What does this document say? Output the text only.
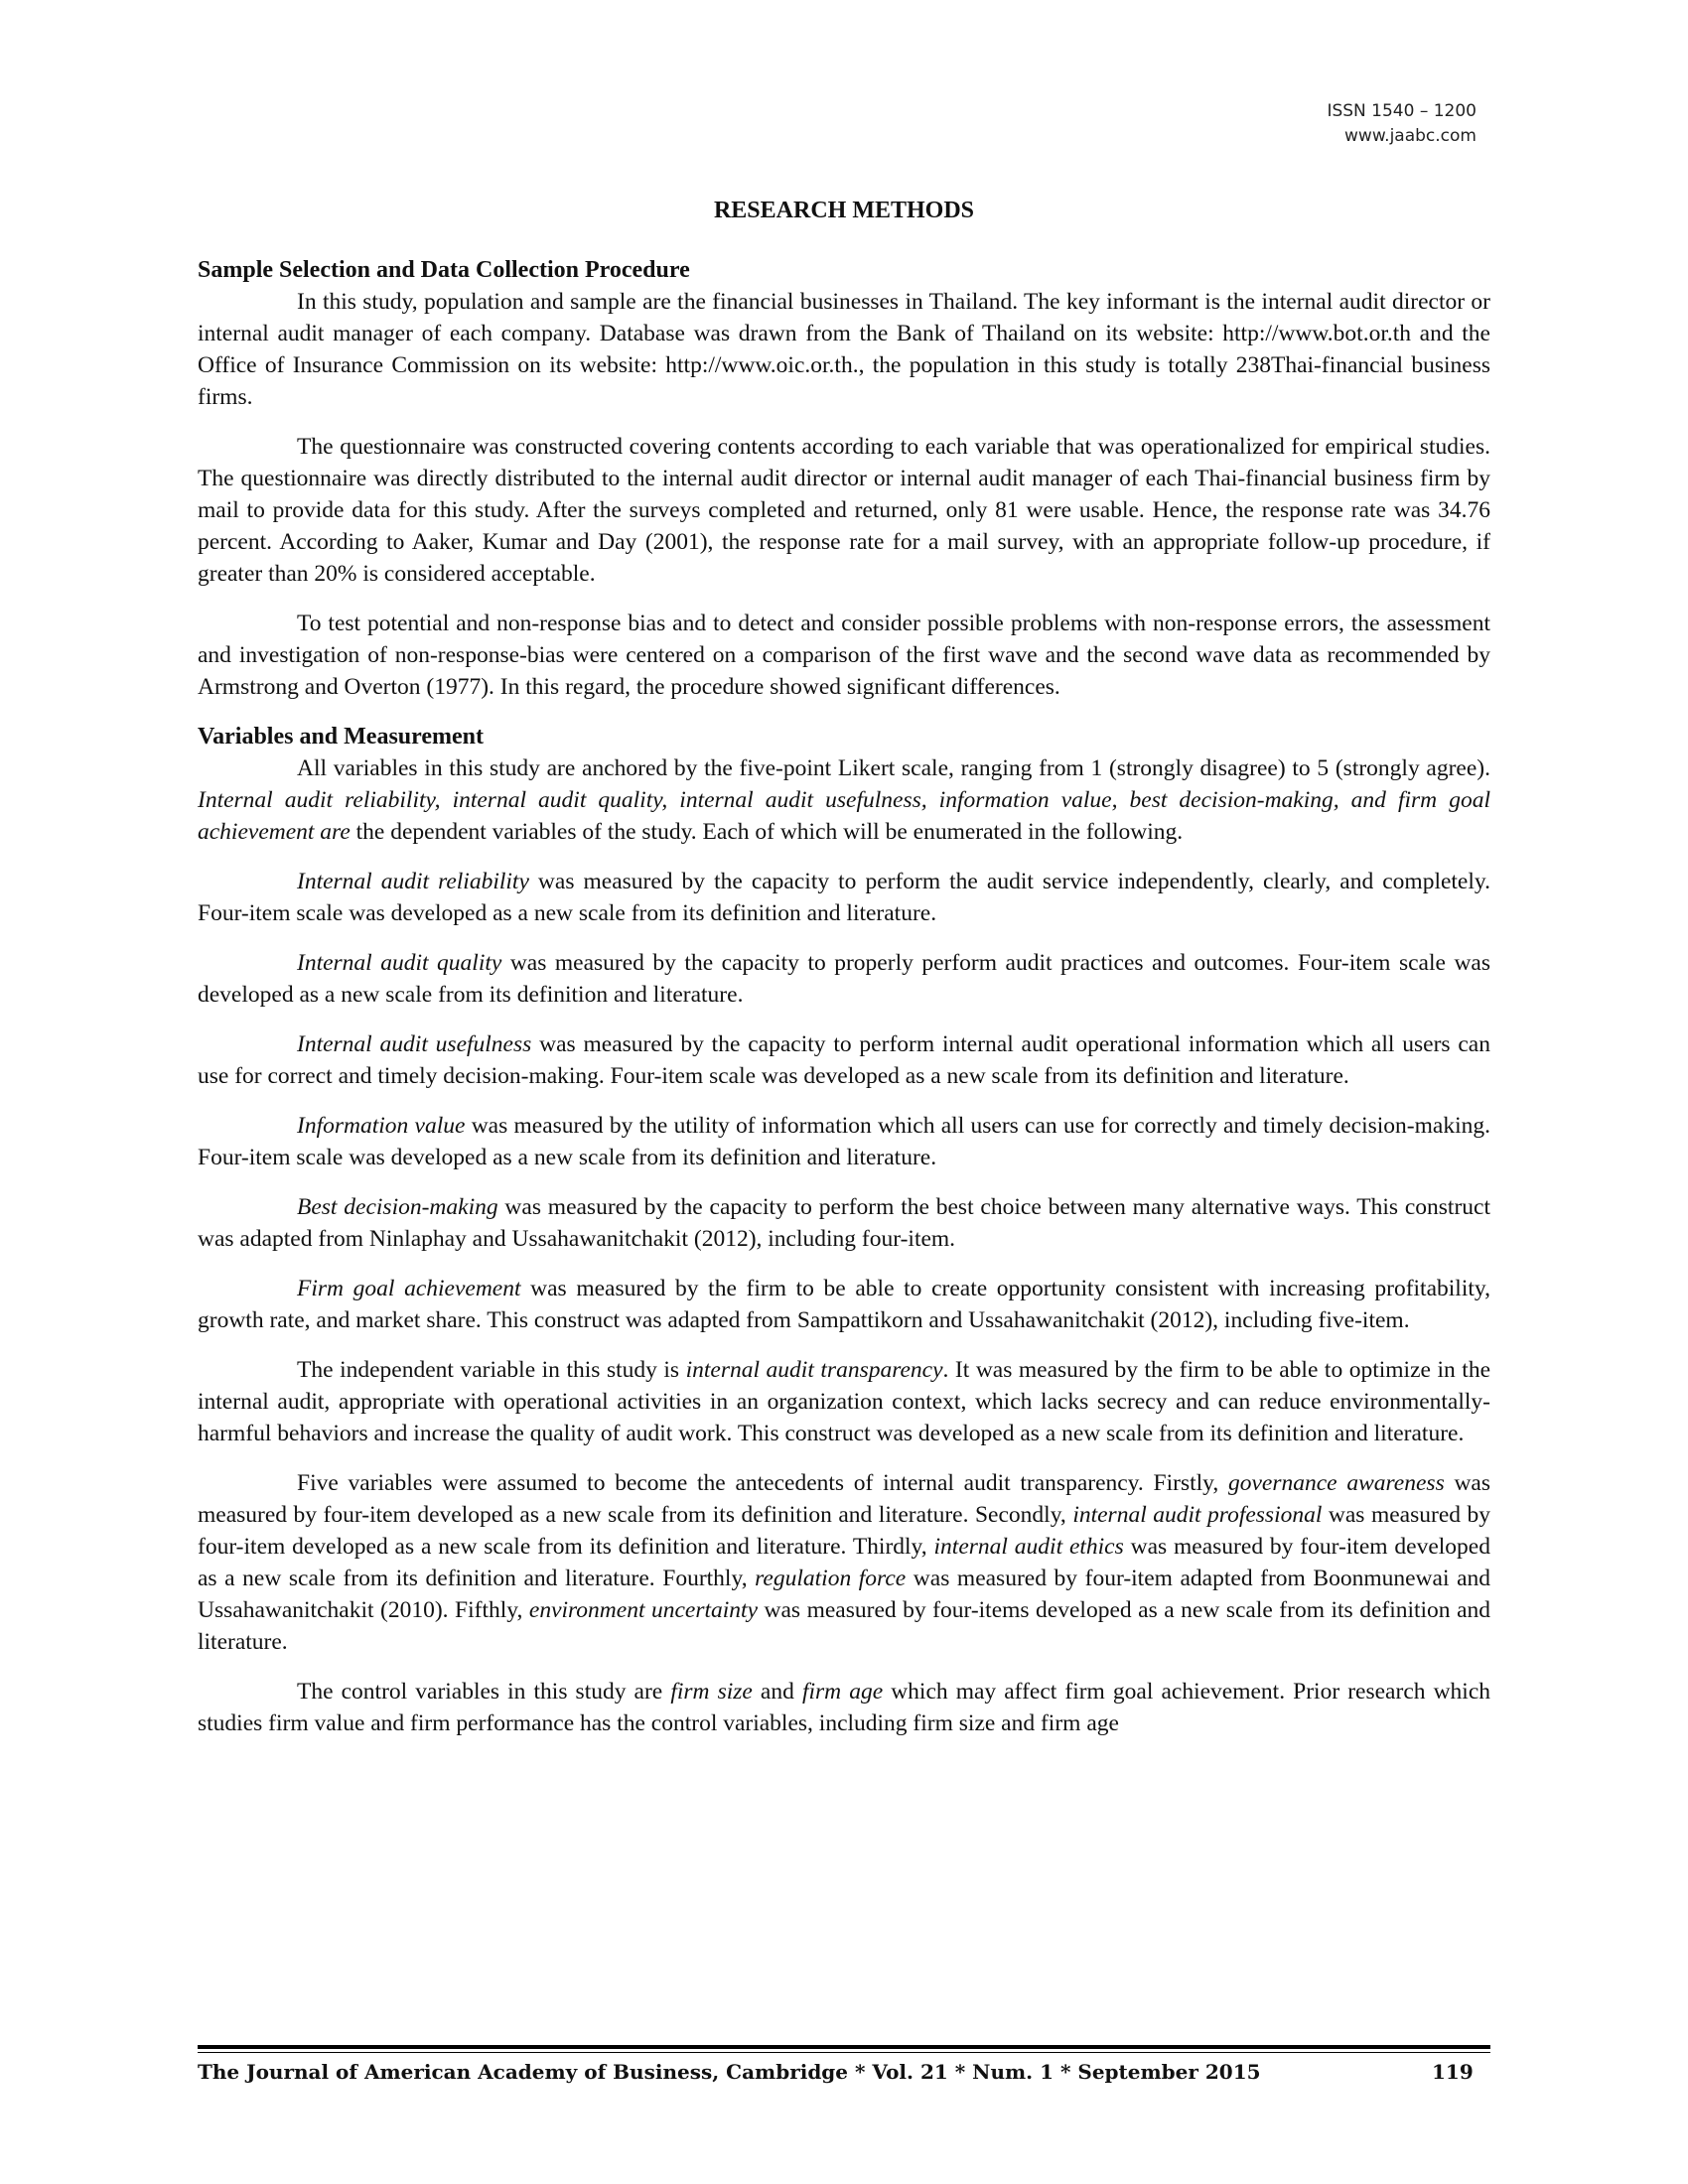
ISSN 1540 – 1200
www.jaabc.com
RESEARCH METHODS
Sample Selection and Data Collection Procedure

In this study, population and sample are the financial businesses in Thailand. The key informant is the internal audit director or internal audit manager of each company. Database was drawn from the Bank of Thailand on its website: http://www.bot.or.th and the Office of Insurance Commission on its website: http://www.oic.or.th., the population in this study is totally 238Thai-financial business firms.

The questionnaire was constructed covering contents according to each variable that was operationalized for empirical studies. The questionnaire was directly distributed to the internal audit director or internal audit manager of each Thai-financial business firm by mail to provide data for this study. After the surveys completed and returned, only 81 were usable. Hence, the response rate was 34.76 percent. According to Aaker, Kumar and Day (2001), the response rate for a mail survey, with an appropriate follow-up procedure, if greater than 20% is considered acceptable.

To test potential and non-response bias and to detect and consider possible problems with non-response errors, the assessment and investigation of non-response-bias were centered on a comparison of the first wave and the second wave data as recommended by Armstrong and Overton (1977). In this regard, the procedure showed significant differences.

Variables and Measurement

All variables in this study are anchored by the five-point Likert scale, ranging from 1 (strongly disagree) to 5 (strongly agree). Internal audit reliability, internal audit quality, internal audit usefulness, information value, best decision-making, and firm goal achievement are the dependent variables of the study. Each of which will be enumerated in the following.

Internal audit reliability was measured by the capacity to perform the audit service independently, clearly, and completely. Four-item scale was developed as a new scale from its definition and literature.

Internal audit quality was measured by the capacity to properly perform audit practices and outcomes. Four-item scale was developed as a new scale from its definition and literature.

Internal audit usefulness was measured by the capacity to perform internal audit operational information which all users can use for correct and timely decision-making. Four-item scale was developed as a new scale from its definition and literature.

Information value was measured by the utility of information which all users can use for correctly and timely decision-making. Four-item scale was developed as a new scale from its definition and literature.

Best decision-making was measured by the capacity to perform the best choice between many alternative ways. This construct was adapted from Ninlaphay and Ussahawanitchakit (2012), including four-item.

Firm goal achievement was measured by the firm to be able to create opportunity consistent with increasing profitability, growth rate, and market share. This construct was adapted from Sampattikorn and Ussahawanitchakit (2012), including five-item.

The independent variable in this study is internal audit transparency. It was measured by the firm to be able to optimize in the internal audit, appropriate with operational activities in an organization context, which lacks secrecy and can reduce environmentally-harmful behaviors and increase the quality of audit work. This construct was developed as a new scale from its definition and literature.

Five variables were assumed to become the antecedents of internal audit transparency. Firstly, governance awareness was measured by four-item developed as a new scale from its definition and literature. Secondly, internal audit professional was measured by four-item developed as a new scale from its definition and literature. Thirdly, internal audit ethics was measured by four-item developed as a new scale from its definition and literature. Fourthly, regulation force was measured by four-item adapted from Boonmunewai and Ussahawanitchakit (2010). Fifthly, environment uncertainty was measured by four-items developed as a new scale from its definition and literature.

The control variables in this study are firm size and firm age which may affect firm goal achievement. Prior research which studies firm value and firm performance has the control variables, including firm size and firm age

The Journal of American Academy of Business, Cambridge * Vol. 21 * Num. 1 * September 2015	119
